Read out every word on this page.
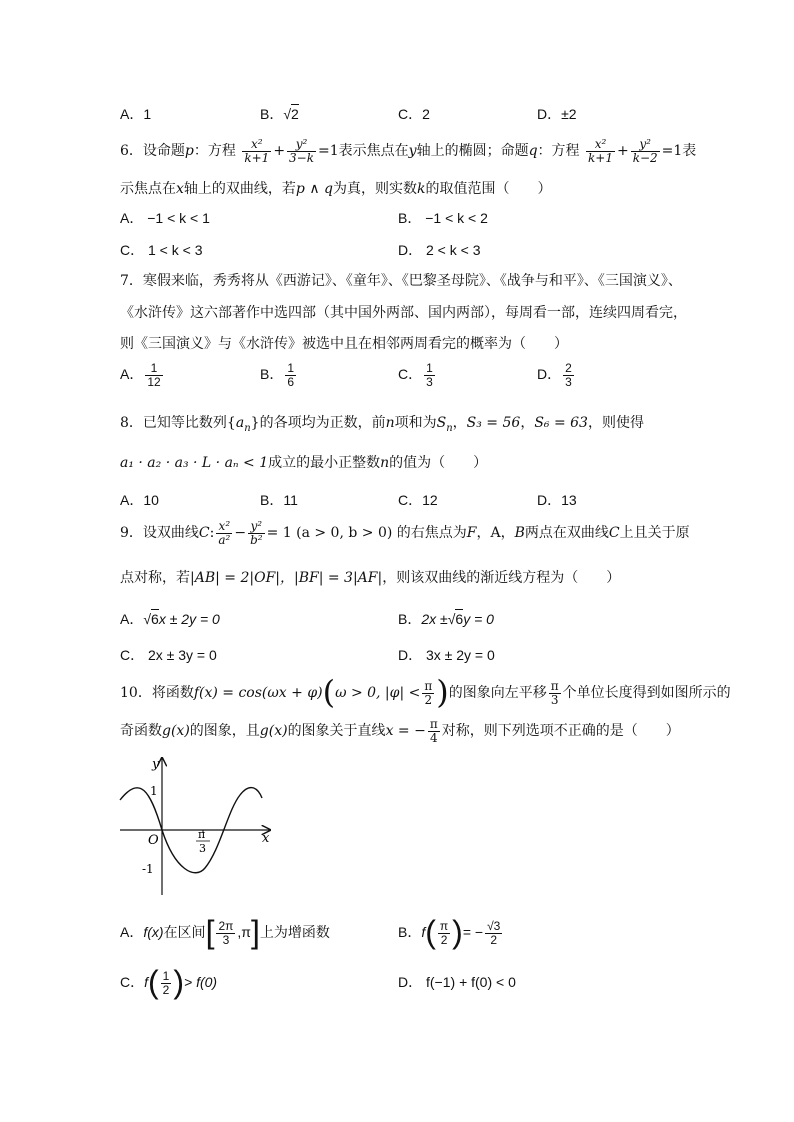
A．1	B．√2	C．2	D．±2
6．设命题p：方程 $\frac{\text{x²}}{k+1} + \frac{\text{y²}}{3-k} =1$表示焦点在y轴上的椭圆；命题q：方程 $\frac{\text{x²}}{k+1} + \frac{\text{y²}}{k-2} =1$表
示焦点在x轴上的双曲线，若p ∧ q为真，则实数k的取值范围（　　）
A． −1 < k < 1	B． −1 < k < 2
C． 1 < k < 3	D． 2 < k < 3
7．寒假来临，秀秀将从《西游记》、《童年》、《巴黎圣母院》、《战争与和平》、《三国演义》、
《水浒传》这六部著作中选四部（其中国外两部、国内两部），每周看一部，连续四周看完，
则《三国演义》与《水浒传》被选中且在相邻两周看完的概率为（　　）
A． $\frac{1}{12}$	B． $\frac{1}{6}$	C． $\frac{1}{3}$	D． $\frac{2}{3}$
8．已知等比数列$\{a_n\}$的各项均为正数，前n项和为$S_n$，S₃ = 56，S₆ = 63，则使得
a₁ · a₂ · a₃ · L · aₙ < 1成立的最小正整数n的值为（　　）
A．10	B．11	C．12	D．13
9．设双曲线C: $\frac{\text{x²}}{\text{a²}} - \frac{\text{y²}}{\text{b²}} = 1$ (a > 0, b > 0) 的右焦点为F，A，B两点在双曲线C上且关于原
点对称，若|AB| = 2|OF|，|BF| = 3|AF|，则该双曲线的渐近线方程为（　　）
A．√6x ± 2y = 0	B．2x ±√6y = 0
C． 2x ± 3y = 0	D． 3x ± 2y = 0
10．将函数f(x) = cos(ωx + φ)(ω > 0, $|\varphi| < \frac{\pi}{2}$ )的图象向左平移 $\frac{\pi}{3}$ 个单位长度得到如图所示的
奇函数g(x)的图象，且g(x)的图象关于直线x = − $\frac{\pi}{4}$ 对称，则下列选项不正确的是（　　）
y
x
O
1
-1
π
3
A．f(x)在区间[ $\frac{2\pi}{3} ,\pi$]上为增函数	B．$f( \frac{\pi}{2}$ )= − $\frac{√3}{2}$
C．$f( \frac{1}{2}$ )> f(0)	D． f(−1) + f(0) < 0
